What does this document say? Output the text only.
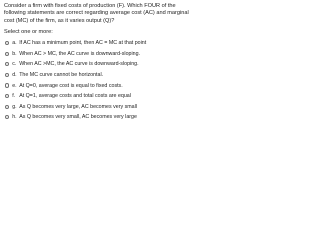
Consider a firm with fixed costs of production (F). Which FOUR of the following statements are correct regarding average cost (AC) and marginal cost (MC) of the firm, as it varies output (Q)?

Select one or more:

a. If AC has a minimum point, then AC = MC at that point
b. When AC > MC, the AC curve is downward-sloping.
c. When AC >MC, the AC curve is downward-sloping.
d. The MC curve cannot be horizontal.
e. At Q=0, average cost is equal to fixed costs.
f. At Q=1, average costs and total costs are equal
g. As Q becomes very large, AC becomes very small
h. As Q becomes very small, AC becomes very large
